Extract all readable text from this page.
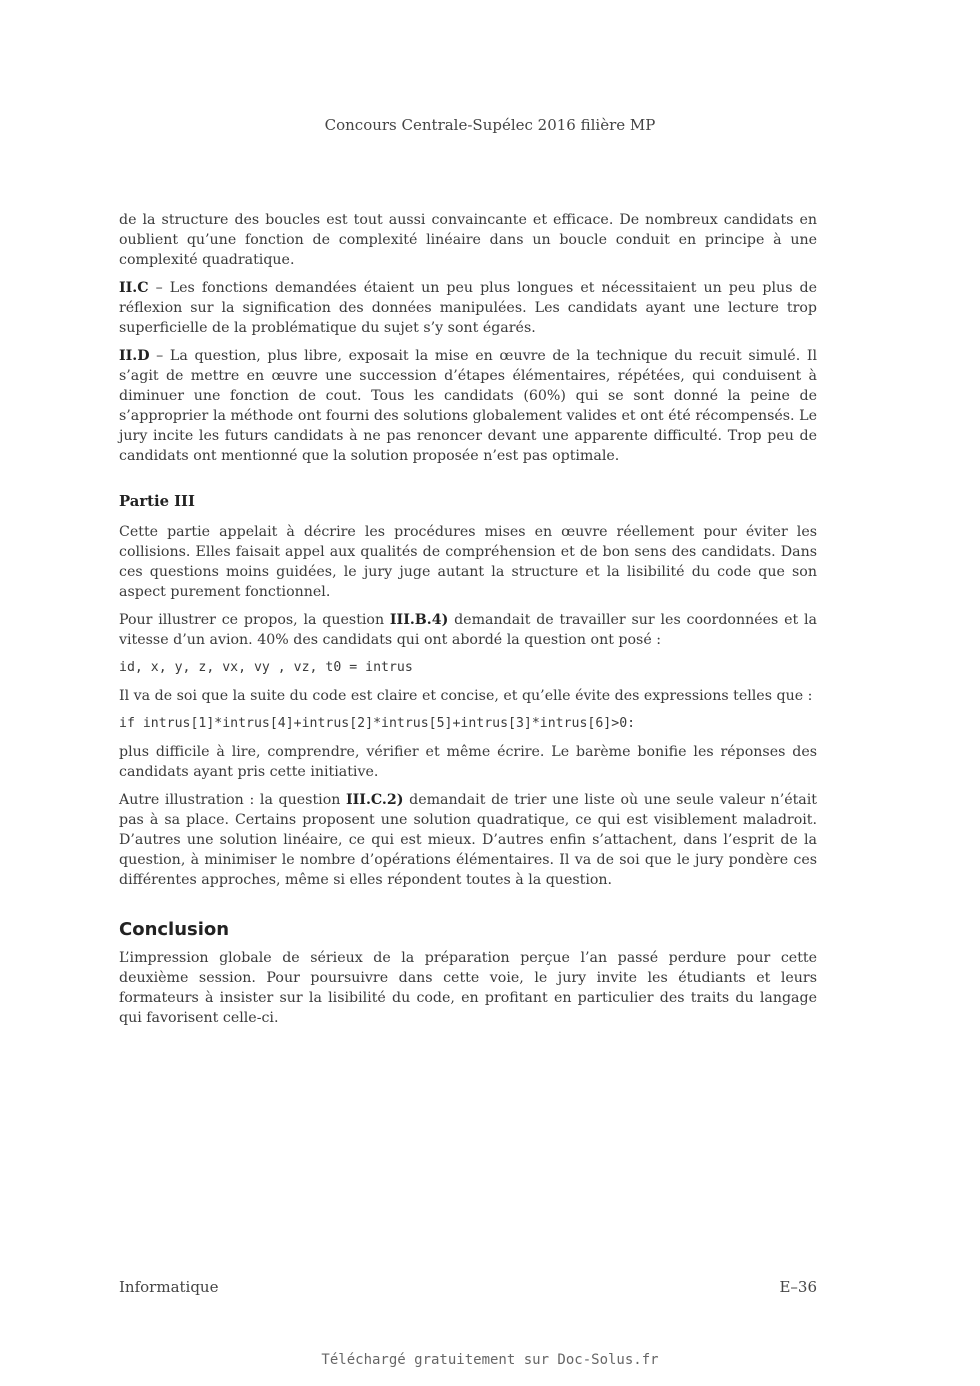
Concours Centrale-Supélec 2016 filière MP

de la structure des boucles est tout aussi convaincante et efficace. De nombreux candidats en oublient qu’une fonction de complexité linéaire dans un boucle conduit en principe à une complexité quadratique.

II.C – Les fonctions demandées étaient un peu plus longues et nécessitaient un peu plus de réflexion sur la signification des données manipulées. Les candidats ayant une lecture trop superficielle de la problématique du sujet s’y sont égarés.

II.D – La question, plus libre, exposait la mise en œuvre de la technique du recuit simulé. Il s’agit de mettre en œuvre une succession d’étapes élémentaires, répétées, qui conduisent à diminuer une fonction de cout. Tous les candidats (60%) qui se sont donné la peine de s’approprier la méthode ont fourni des solutions globalement valides et ont été récompensés. Le jury incite les futurs candidats à ne pas renoncer devant une apparente difficulté. Trop peu de candidats ont mentionné que la solution proposée n’est pas optimale.

Partie III

Cette partie appelait à décrire les procédures mises en œuvre réellement pour éviter les collisions. Elles faisait appel aux qualités de compréhension et de bon sens des candidats. Dans ces questions moins guidées, le jury juge autant la structure et la lisibilité du code que son aspect purement fonctionnel.

Pour illustrer ce propos, la question III.B.4) demandait de travailler sur les coordonnées et la vitesse d’un avion. 40% des candidats qui ont abordé la question ont posé :

id, x, y, z, vx, vy , vz, t0 = intrus

Il va de soi que la suite du code est claire et concise, et qu’elle évite des expressions telles que :

if intrus[1]*intrus[4]+intrus[2]*intrus[5]+intrus[3]*intrus[6]>0:

plus difficile à lire, comprendre, vérifier et même écrire. Le barème bonifie les réponses des candidats ayant pris cette initiative.

Autre illustration : la question III.C.2) demandait de trier une liste où une seule valeur n’était pas à sa place. Certains proposent une solution quadratique, ce qui est visiblement maladroit. D’autres une solution linéaire, ce qui est mieux. D’autres enfin s’attachent, dans l’esprit de la question, à minimiser le nombre d’opérations élémentaires. Il va de soi que le jury pondère ces différentes approches, même si elles répondent toutes à la question.

Conclusion

L’impression globale de sérieux de la préparation perçue l’an passé perdure pour cette deuxième session. Pour poursuivre dans cette voie, le jury invite les étudiants et leurs formateurs à insister sur la lisibilité du code, en profitant en particulier des traits du langage qui favorisent celle-ci.

Informatique	E–36
Téléchargé gratuitement sur Doc-Solus.fr
